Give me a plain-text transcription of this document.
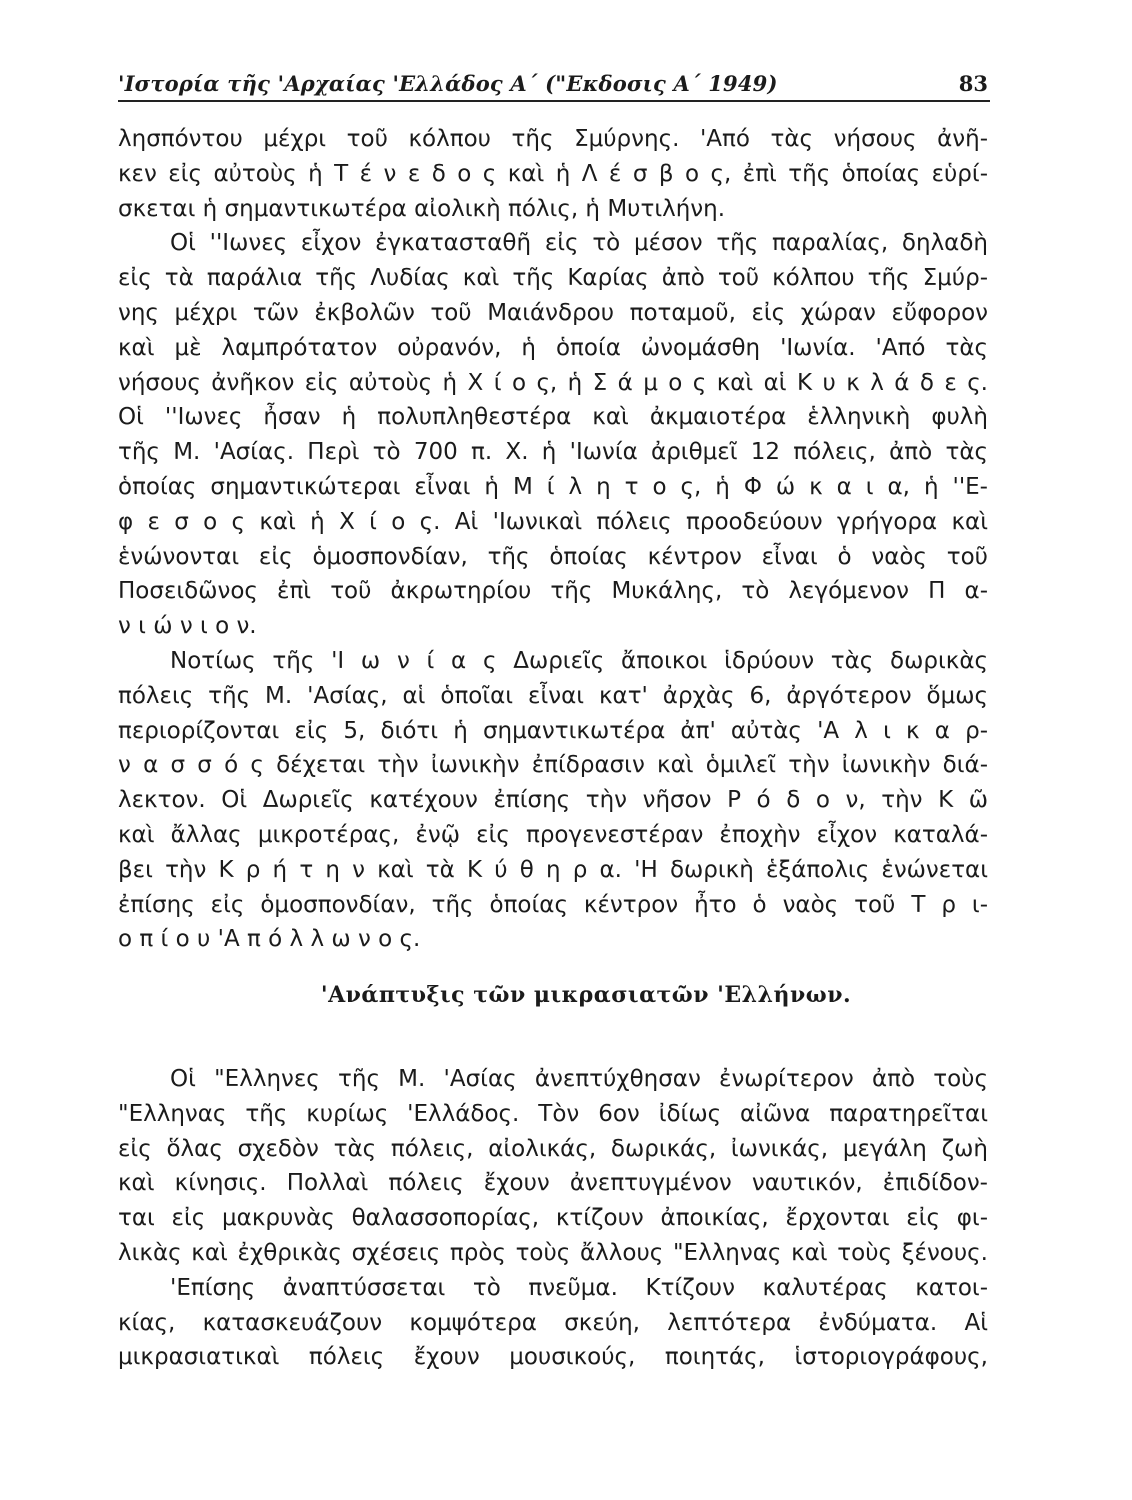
'Ιστορία τῆς 'Αρχαίας 'Ελλάδος Α΄ ("Εκδοσις Α΄ 1949)	83
λησπόντου μέχρι τοῦ κόλπου τῆς Σμύρνης. 'Από τὰς νήσους ἀνῆ-
κεν εἰς αὐτοὺς ἡ Τ έ ν ε δ ο ς καὶ ἡ Λ έ σ β ο ς, ἐπὶ τῆς ὁποίας εὑρί-
σκεται ἡ σημαντικωτέρα αἰολικὴ πόλις, ἡ Μυτιλήνη.
Οἱ ''Ιωνες εἶχον ἐγκατασταθῆ εἰς τὸ μέσον τῆς παραλίας, δηλαδὴ
εἰς τὰ παράλια τῆς Λυδίας καὶ τῆς Καρίας ἀπὸ τοῦ κόλπου τῆς Σμύρ-
νης μέχρι τῶν ἐκβολῶν τοῦ Μαιάνδρου ποταμοῦ, εἰς χώραν εὔφορον
καὶ μὲ λαμπρότατον οὐρανόν, ἡ ὁποία ὠνομάσθη 'Ιωνία. 'Από τὰς
νήσους ἀνῆκον εἰς αὐτοὺς ἡ Χ ί ο ς, ἡ Σ ά μ ο ς καὶ αἱ Κ υ κ λ ά δ ε ς.
Οἱ ''Ιωνες ἦσαν ἡ πολυπληθεστέρα καὶ ἀκμαιοτέρα ἑλληνικὴ φυλὴ
τῆς Μ. 'Ασίας. Περὶ τὸ 700 π. Χ. ἡ 'Ιωνία ἀριθμεῖ 12 πόλεις, ἀπὸ τὰς
ὁποίας σημαντικώτεραι εἶναι ἡ Μ ί λ η τ ο ς, ἡ Φ ώ κ α ι α, ἡ ''Ε-
φ ε σ ο ς καὶ ἡ Χ ί ο ς. Αἱ 'Ιωνικαὶ πόλεις προοδεύουν γρήγορα καὶ
ἑνώνονται εἰς ὁμοσπονδίαν, τῆς ὁποίας κέντρον εἶναι ὁ ναὸς τοῦ
Ποσειδῶνος ἐπὶ τοῦ ἀκρωτηρίου τῆς Μυκάλης, τὸ λεγόμενον Π α-
ν ι ώ ν ι ο ν.
Νοτίως τῆς 'Ι ω ν ί α ς Δωριεῖς ἄποικοι ἱδρύουν τὰς δωρικὰς
πόλεις τῆς Μ. 'Ασίας, αἱ ὁποῖαι εἶναι κατ' ἀρχὰς 6, ἀργότερον ὅμως
περιορίζονται εἰς 5, διότι ἡ σημαντικωτέρα ἀπ' αὐτὰς 'Α λ ι κ α ρ-
ν α σ σ ό ς δέχεται τὴν ἰωνικὴν ἐπίδρασιν καὶ ὁμιλεῖ τὴν ἰωνικὴν διά-
λεκτον. Οἱ Δωριεῖς κατέχουν ἐπίσης τὴν νῆσον Ρ ό δ ο ν, τὴν Κ ῶ
καὶ ἄλλας μικροτέρας, ἐνῷ εἰς προγενεστέραν ἐποχὴν εἶχον καταλά-
βει τὴν Κ ρ ή τ η ν καὶ τὰ Κ ύ θ η ρ α. 'Η δωρικὴ ἑξάπολις ἑνώνεται
ἐπίσης εἰς ὁμοσπονδίαν, τῆς ὁποίας κέντρον ἦτο ὁ ναὸς τοῦ Τ ρ ι-
ο π ί ο υ 'Α π ό λ λ ω ν ο ς.
'Ανάπτυξις τῶν μικρασιατῶν 'Ελλήνων.
Οἱ "Ελληνες τῆς Μ. 'Ασίας ἀνεπτύχθησαν ἐνωρίτερον ἀπὸ τοὺς
"Ελληνας τῆς κυρίως 'Ελλάδος. Τὸν 6ον ἰδίως αἰῶνα παρατηρεῖται
εἰς ὅλας σχεδὸν τὰς πόλεις, αἰολικάς, δωρικάς, ἰωνικάς, μεγάλη ζωὴ
καὶ κίνησις. Πολλαὶ πόλεις ἔχουν ἀνεπτυγμένον ναυτικόν, ἐπιδίδον-
ται εἰς μακρυνὰς θαλασσοπορίας, κτίζουν ἀποικίας, ἔρχονται εἰς φι-
λικὰς καὶ ἐχθρικὰς σχέσεις πρὸς τοὺς ἄλλους "Ελληνας καὶ τοὺς ξένους.
'Επίσης ἀναπτύσσεται τὸ πνεῦμα. Κτίζουν καλυτέρας κατοι-
κίας, κατασκευάζουν κομψότερα σκεύη, λεπτότερα ἐνδύματα. Αἱ
μικρασιατικαὶ πόλεις ἔχουν μουσικούς, ποιητάς, ἱστοριογράφους,
